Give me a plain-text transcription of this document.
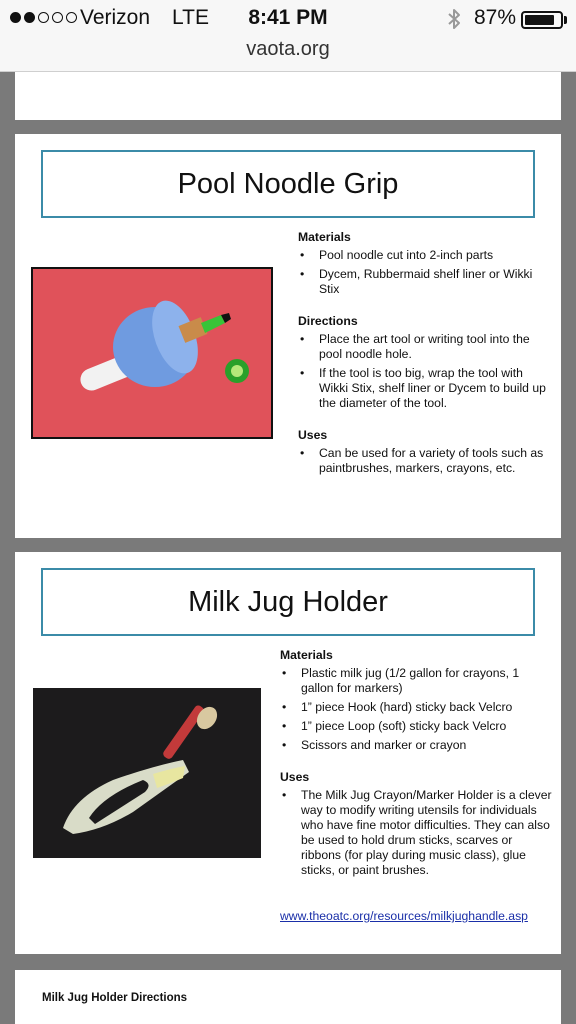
Verizon LTE	8:41 PM	87%
vaota.org
Pool Noodle Grip
Materials
• Pool noodle cut into 2-inch parts
• Dycem, Rubbermaid shelf liner or Wikki Stix
Directions
• Place the art tool or writing tool into the pool noodle hole.
• If the tool is too big, wrap the tool with Wikki Stix, shelf liner or Dycem to build up the diameter of the tool.
Uses
• Can be used for a variety of tools such as paintbrushes, markers, crayons, etc.
Milk Jug Holder
Materials
• Plastic milk jug (1/2 gallon for crayons, 1 gallon for markers)
• 1” piece Hook (hard) sticky back Velcro
• 1” piece Loop (soft) sticky back Velcro
• Scissors and marker or crayon
Uses
• The Milk Jug Crayon/Marker Holder is a clever way to modify writing utensils for individuals who have fine motor difficulties. They can also be used to hold drum sticks, scarves or ribbons (for play during music class), glue sticks, or paint brushes.
www.theoatc.org/resources/milkjughandle.asp
Milk Jug Holder Directions
